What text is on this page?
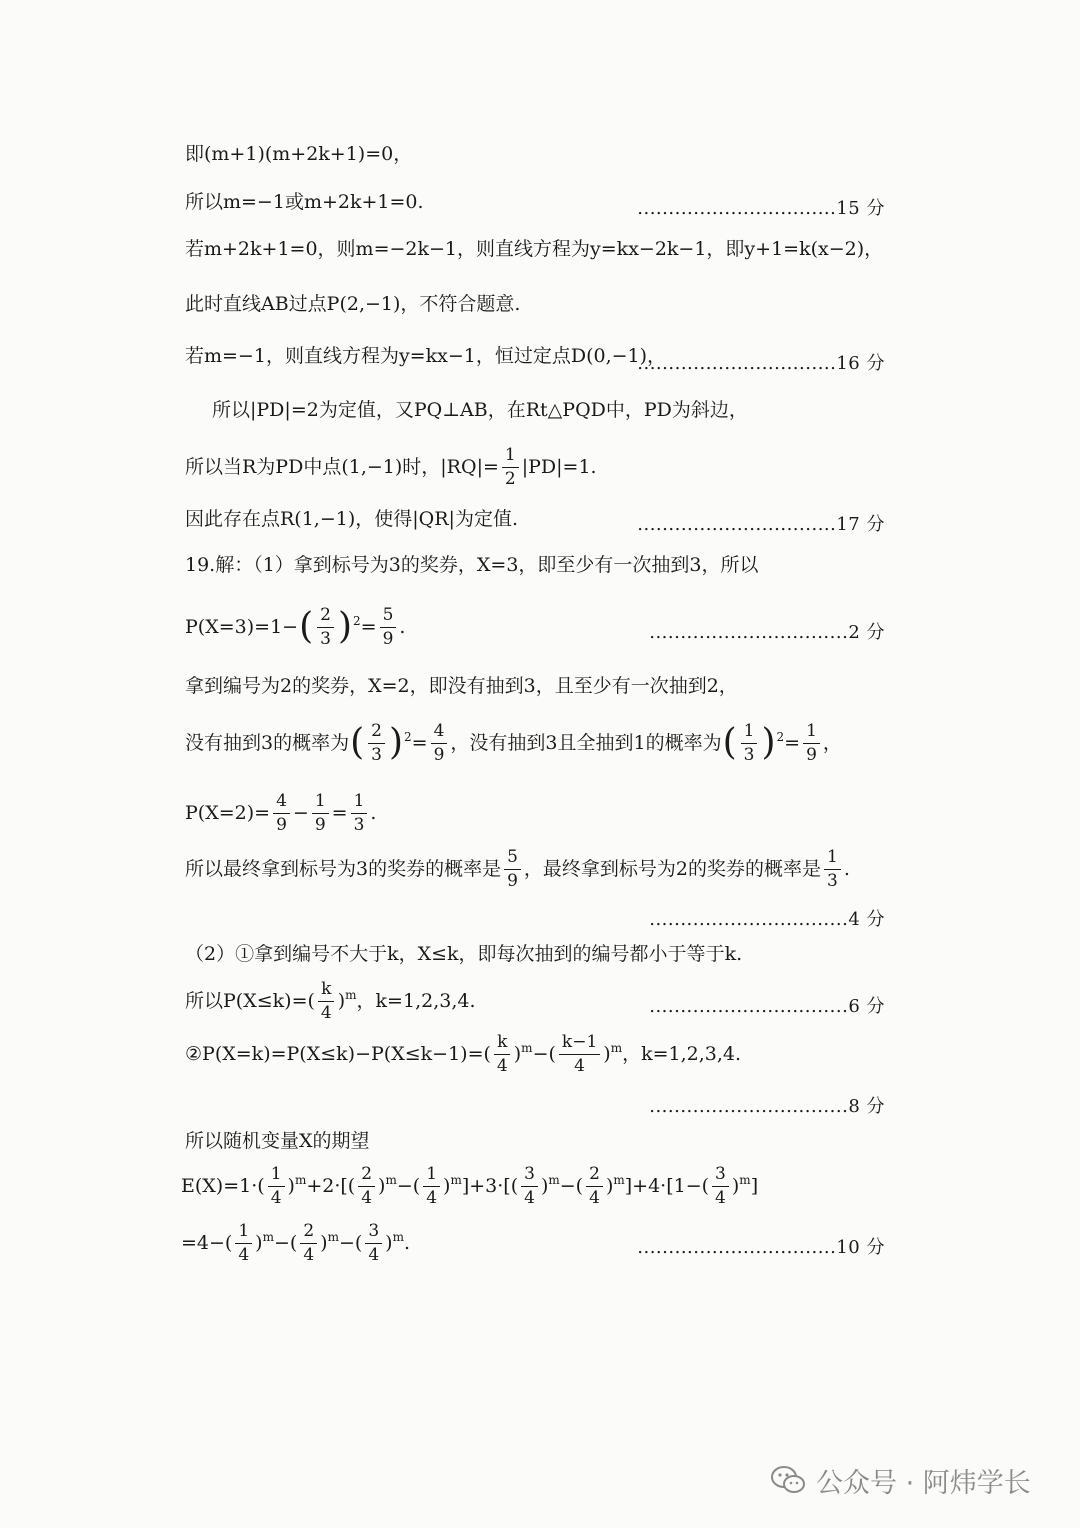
即(m+1)(m+2k+1)=0，
所以m=−1或m+2k+1=0.	................................15 分
若m+2k+1=0，则m=−2k−1，则直线方程为y=kx−2k−1，即y+1=k(x−2)，
此时直线AB过点P(2,−1)，不符合题意.
若m=−1，则直线方程为y=kx−1，恒过定点D(0,−1)，
................................16 分
所以|PD|=2为定值，又PQ⊥AB，在Rt△PQD中，PD为斜边，
所以当R为PD中点(1,−1)时，$|RQ|= \frac{1}{2} |PD|=1$.
因此存在点R(1,−1)，使得|QR|为定值.	................................17 分
19.解：（1）拿到标号为3的奖券，X=3，即至少有一次抽到3，所以
P(X=3)=1− ( $\frac{2}{3} )^2 = \frac{5}{9}$ .	................................2 分
拿到编号为2的奖券，X=2，即没有抽到3，且至少有一次抽到2，
没有抽到3的概率为 ( $\frac{2}{3} )^2 = \frac{4}{9}$ ，没有抽到3且全抽到1的概率为 ( $\frac{1}{3} )^2 = \frac{1}{9}$ ，
$P(X=2)= \frac{4}{9} - \frac{1}{9} = \frac{1}{3}$ .
所以最终拿到标号为3的奖券的概率是 $\frac{5}{9}$ ，最终拿到标号为2的奖券的概率是 $\frac{1}{3}$ .
................................4 分
（2）①拿到编号不大于k，X≤k，即每次抽到的编号都小于等于k.
所以$P(X\le k)=( \frac{k}{4} )^m$ ，k=1,2,3,4.	................................6 分
②P(X=k)=P(X≤k)−P(X≤k−1)=( $\frac{k}{4} )^m$ −( $\frac{k-1}{4} )^m$ ，k=1,2,3,4.
................................8 分
所以随机变量X的期望
$E(X)=1\cdot( \frac{1}{4} )^m +2\cdot[( \frac{2}{4} )^m$ −( $\frac{1}{4} )^m$ ]$+3\cdot[( \frac{3}{4} )^m$ −( $\frac{2}{4} )^m$ ]$+4\cdot[1-( \frac{3}{4} )^m$ ]
$=4-( \frac{1}{4} )^m$ −( $\frac{2}{4} )^m$ −( $\frac{3}{4} )^m$ .	................................10 分
公众号 · 阿炜学长
